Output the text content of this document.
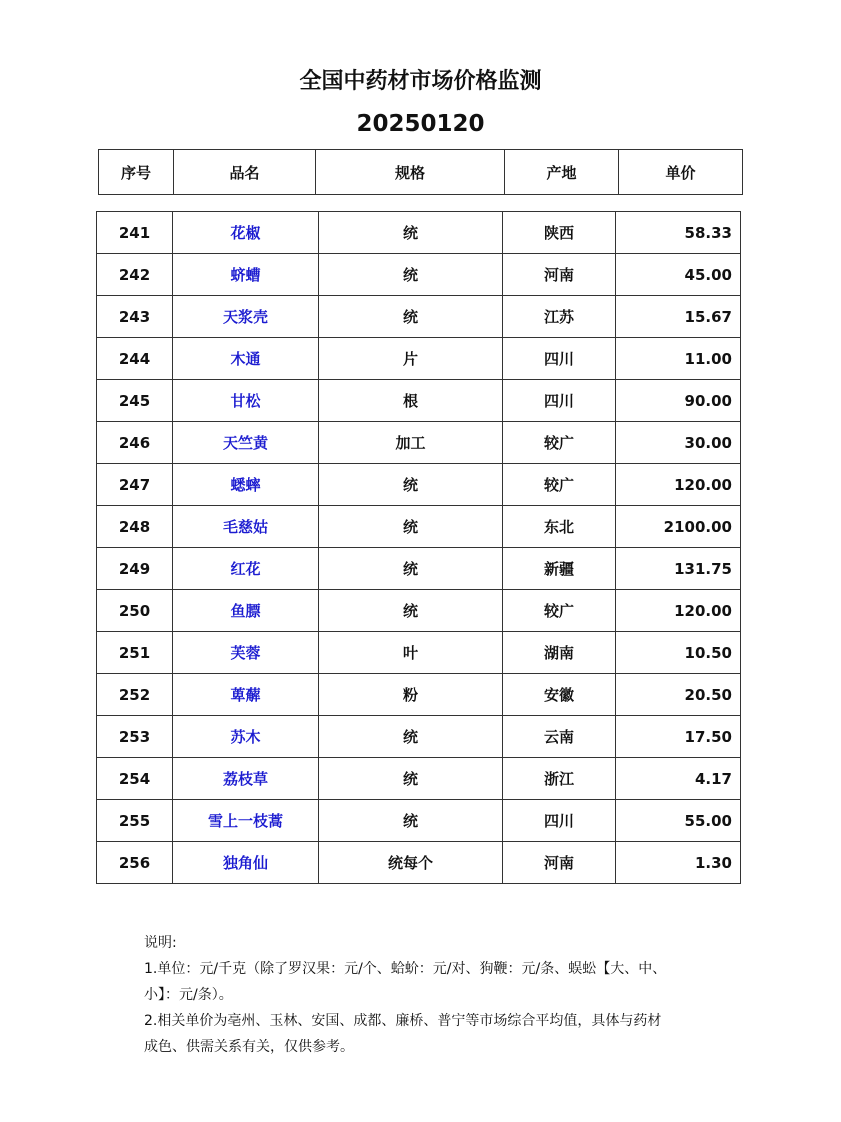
全国中药材市场价格监测
20250120
序号	品名	规格	产地	单价
241	花椒	统	陕西	58.33
242	蛴螬	统	河南	45.00
243	天浆壳	统	江苏	15.67
244	木通	片	四川	11.00
245	甘松	根	四川	90.00
246	天竺黄	加工	较广	30.00
247	蟋蟀	统	较广	120.00
248	毛慈姑	统	东北	2100.00
249	红花	统	新疆	131.75
250	鱼膘	统	较广	120.00
251	芙蓉	叶	湖南	10.50
252	萆薢	粉	安徽	20.50
253	苏木	统	云南	17.50
254	荔枝草	统	浙江	4.17
255	雪上一枝蒿	统	四川	55.00
256	独角仙	统每个	河南	1.30
说明:
1.单位：元/千克（除了罗汉果：元/个、蛤蚧：元/对、狗鞭：元/条、蜈蚣【大、中、
小】：元/条）。
2.相关单价为亳州、玉林、安国、成都、廉桥、普宁等市场综合平均值，具体与药材
成色、供需关系有关，仅供参考。
